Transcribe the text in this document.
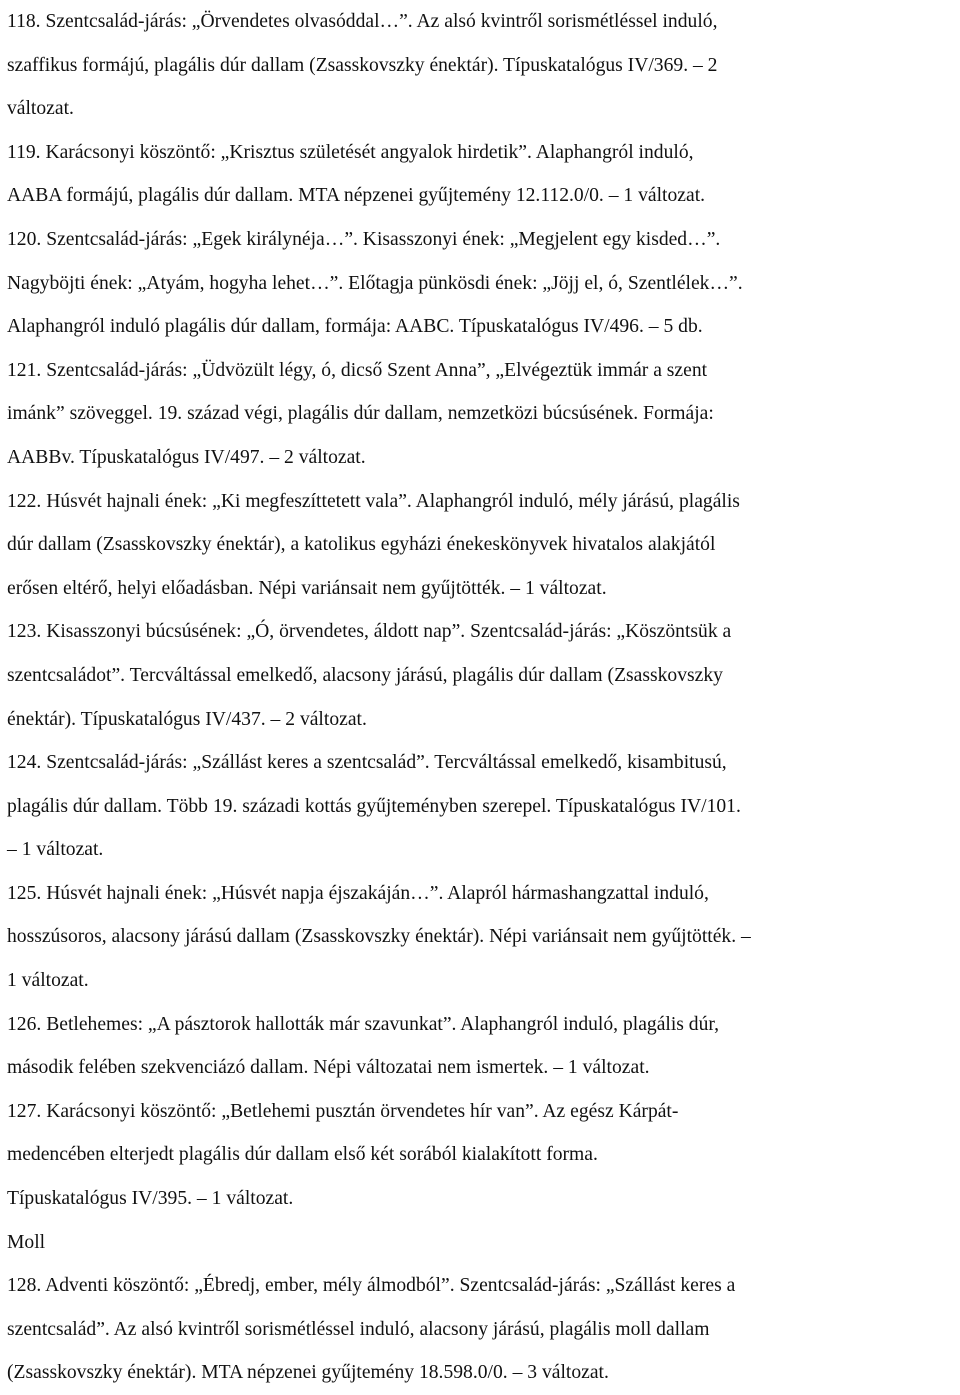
118. Szentcsalád-járás: „Örvendetes olvasóddal…”. Az alsó kvintről sorismétléssel induló,
szaffikus formájú, plagális dúr dallam (Zsasskovszky énektár). Típuskatalógus IV/369. – 2
változat.
119. Karácsonyi köszöntő: „Krisztus születését angyalok hirdetik”. Alaphangról induló,
AABA formájú, plagális dúr dallam. MTA népzenei gyűjtemény 12.112.0/0. – 1 változat.
120. Szentcsalád-járás: „Egek királynéja…”. Kisasszonyi ének: „Megjelent egy kisded…”.
Nagyböjti ének: „Atyám, hogyha lehet…”. Előtagja pünkösdi ének: „Jöjj el, ó, Szentlélek…”.
Alaphangról induló plagális dúr dallam, formája: AABC. Típuskatalógus IV/496. – 5 db.
121. Szentcsalád-járás: „Üdvözült légy, ó, dicső Szent Anna”, „Elvégeztük immár a szent
imánk” szöveggel. 19. század végi, plagális dúr dallam, nemzetközi búcsúsének. Formája:
AABBv. Típuskatalógus IV/497. – 2 változat.
122. Húsvét hajnali ének: „Ki megfeszíttetett vala”. Alaphangról induló, mély járású, plagális
dúr dallam (Zsasskovszky énektár), a katolikus egyházi énekeskönyvek hivatalos alakjától
erősen eltérő, helyi előadásban. Népi variánsait nem gyűjtötték. – 1 változat.
123. Kisasszonyi búcsúsének: „Ó, örvendetes, áldott nap”. Szentcsalád-járás: „Köszöntsük a
szentcsaládot”. Tercváltással emelkedő, alacsony járású, plagális dúr dallam (Zsasskovszky
énektár). Típuskatalógus IV/437. – 2 változat.
124. Szentcsalád-járás: „Szállást keres a szentcsalád”. Tercváltással emelkedő, kisambitusú,
plagális dúr dallam. Több 19. századi kottás gyűjteményben szerepel. Típuskatalógus IV/101.
– 1 változat.
125. Húsvét hajnali ének: „Húsvét napja éjszakáján…”. Alapról hármashangzattal induló,
hosszúsoros, alacsony járású dallam (Zsasskovszky énektár). Népi variánsait nem gyűjtötték. –
1 változat.
126. Betlehemes: „A pásztorok hallották már szavunkat”. Alaphangról induló, plagális dúr,
második felében szekvenciázó dallam. Népi változatai nem ismertek. – 1 változat.
127. Karácsonyi köszöntő: „Betlehemi pusztán örvendetes hír van”. Az egész Kárpát-
medencében elterjedt plagális dúr dallam első két sorából kialakított forma.
Típuskatalógus IV/395. – 1 változat.
Moll
128. Adventi köszöntő: „Ébredj, ember, mély álmodból”. Szentcsalád-járás: „Szállást keres a
szentcsalád”. Az alsó kvintről sorismétléssel induló, alacsony járású, plagális moll dallam
(Zsasskovszky énektár). MTA népzenei gyűjtemény 18.598.0/0. – 3 változat.
